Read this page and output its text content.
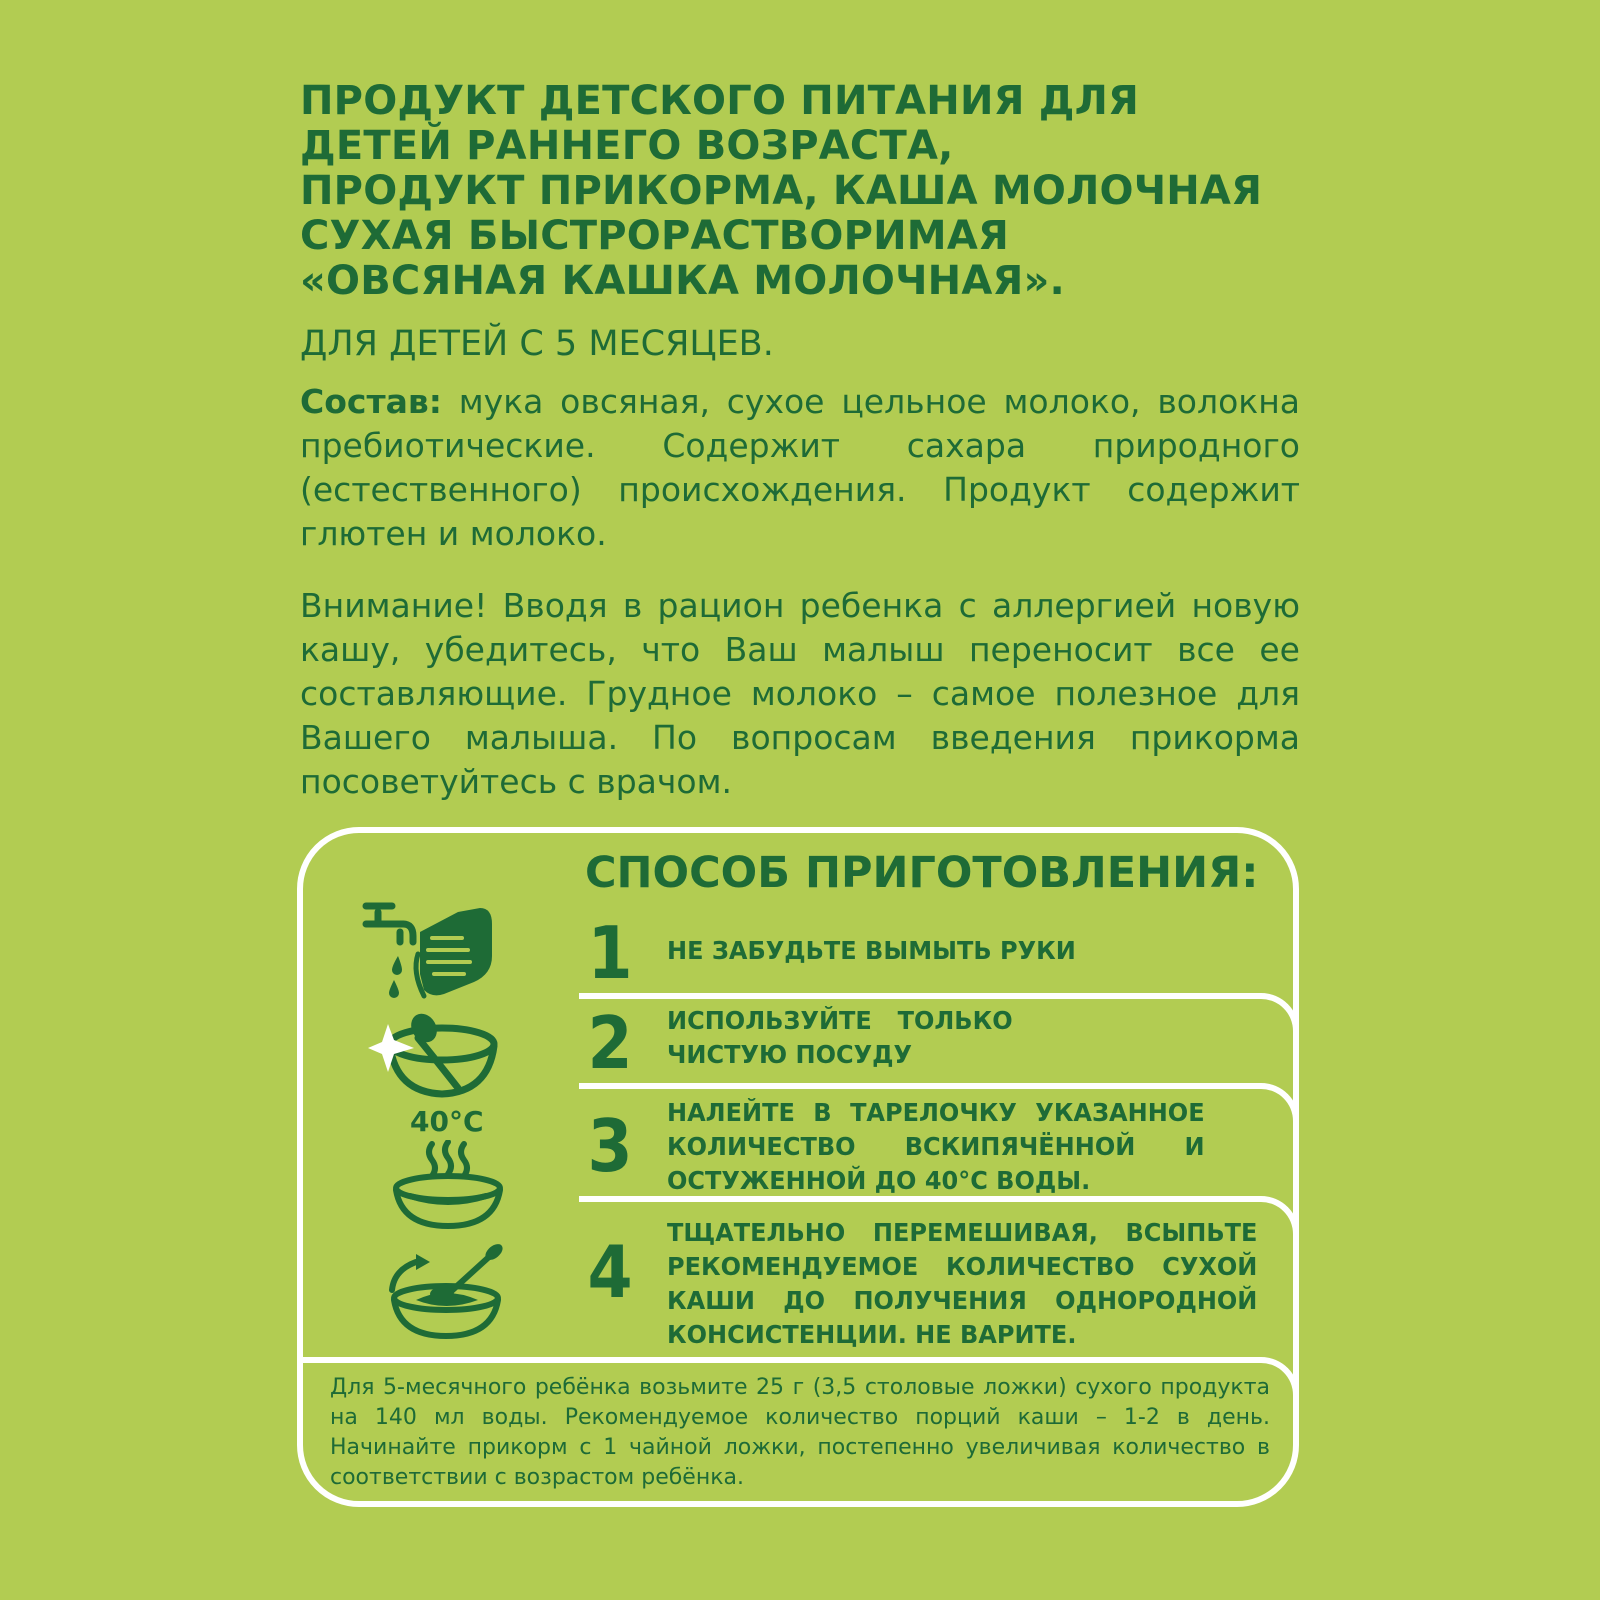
ПРОДУКТ ДЕТСКОГО ПИТАНИЯ ДЛЯ
ДЕТЕЙ РАННЕГО ВОЗРАСТА,
ПРОДУКТ ПРИКОРМА, КАША МОЛОЧНАЯ
СУХАЯ БЫСТРОРАСТВОРИМАЯ
«ОВСЯНАЯ КАШКА МОЛОЧНАЯ».
ДЛЯ ДЕТЕЙ С 5 МЕСЯЦЕВ.
Состав: мука овсяная, сухое цельное молоко, волокна пребиотические. Содержит сахара природного (естественного) происхождения. Продукт содержит глютен и молоко.
Внимание! Вводя в рацион ребенка с аллергией новую кашу, убедитесь, что Ваш малыш переносит все ее составляющие. Грудное молоко – самое полезное для Вашего малыша. По вопросам введения прикорма посоветуйтесь с врачом.
СПОСОБ ПРИГОТОВЛЕНИЯ:
1	НЕ ЗАБУДЬТЕ ВЫМЫТЬ РУКИ
2	ИСПОЛЬЗУЙТЕ ТОЛЬКО ЧИСТУЮ ПОСУДУ
3	НАЛЕЙТЕ В ТАРЕЛОЧКУ УКАЗАННОЕ КОЛИЧЕСТВО ВСКИПЯЧЁННОЙ И ОСТУЖЕННОЙ ДО 40°С ВОДЫ.
4	ТЩАТЕЛЬНО ПЕРЕМЕШИВАЯ, ВСЫПЬТЕ РЕКОМЕНДУЕМОЕ КОЛИЧЕСТВО СУХОЙ КАШИ ДО ПОЛУЧЕНИЯ ОДНОРОДНОЙ КОНСИСТЕНЦИИ. НЕ ВАРИТЕ.
Для 5-месячного ребёнка возьмите 25 г (3,5 столовые ложки) сухого продукта на 140 мл воды. Рекомендуемое количество порций каши – 1-2 в день. Начинайте прикорм с 1 чайной ложки, постепенно увеличивая количество в соответствии с возрастом ребёнка.
40°С
